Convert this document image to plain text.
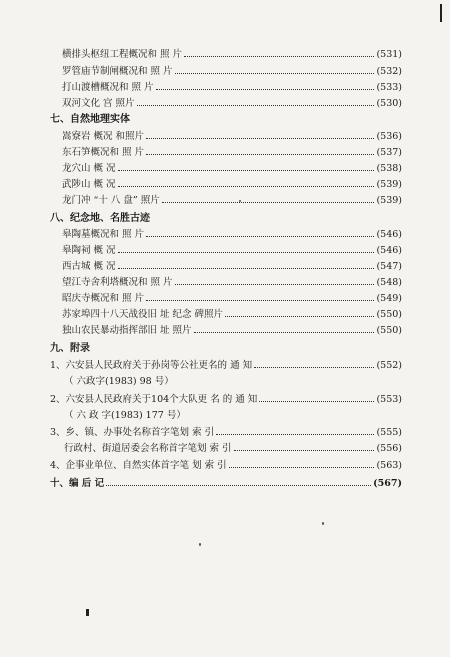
横排头枢纽工程概况和 照 片	(531)
罗管庙节制闸概况和 照 片	(532)
打山渡槽概况和 照 片	(533)
双河文化 宫 照片	(530)
七、自然地理实体
嵩寮岩 概况 和照片	(536)
东石笋概况和 照 片	(537)
龙穴山 概 况	(538)
武陟山 概 况	(539)
龙门冲 “十 八 盘” 照片	(539)
八、纪念地、名胜古迹
皋陶墓概况和 照 片	(546)
皋陶祠 概 况	(546)
西古城 概 况	(547)
望江寺舍利塔概况和 照 片	(548)
昭庆寺概况和 照 片	(549)
苏家埠四十八天战役旧 址 纪念 碑照片	(550)
独山农民暴动指挥部旧 址 照片	(550)
九、附录
1、六安县人民政府关于孙岗等公社更名的 通 知	(552)
（ 六政字(1983) 98 号）
2、六安县人民政府关于104个大队更 名 的 通 知	(553)
（ 六 政 字(1983) 177 号）
3、乡、镇、办事处名称首字笔划 索 引	(555)
行政村、街道居委会名称首字笔划 索 引	(556)
4、企事业单位、自然实体首字笔 划 索 引	(563)
十、编 后 记	(567)
